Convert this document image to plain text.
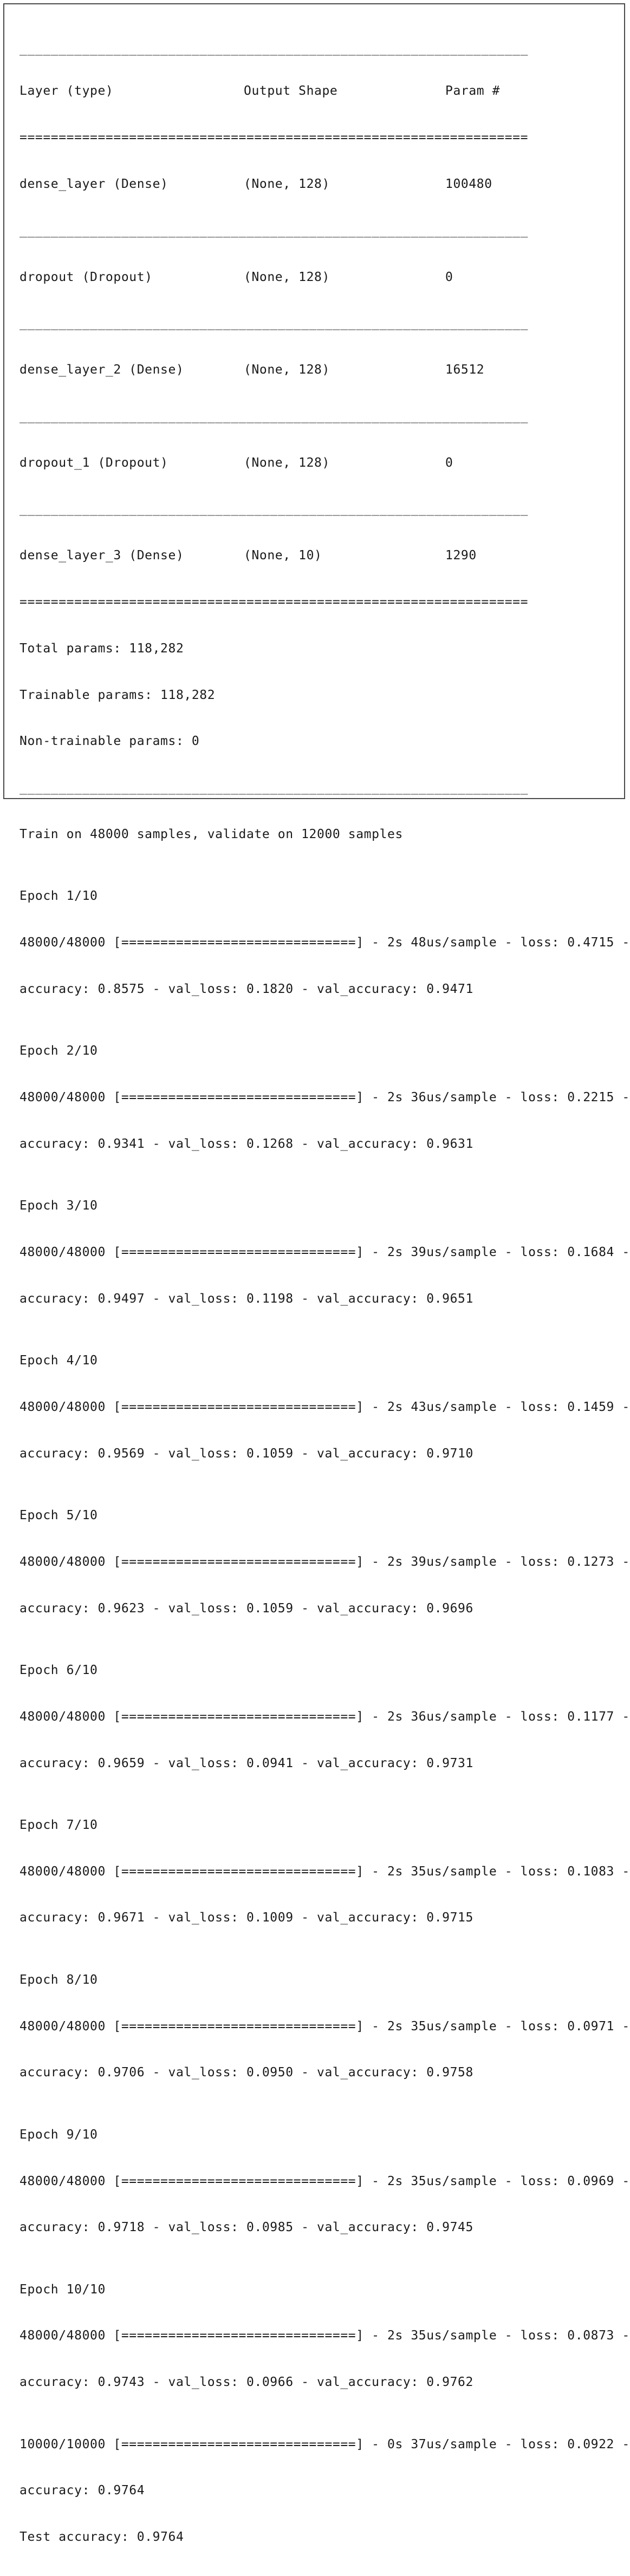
_________________________________________________________________

Layer (type)	Output Shape	Param #

=================================================================

dense_layer (Dense)	(None, 128)	100480

_________________________________________________________________

dropout (Dropout)	(None, 128)	0

_________________________________________________________________

dense_layer_2 (Dense)	(None, 128)	16512

_________________________________________________________________

dropout_1 (Dropout)	(None, 128)	0

_________________________________________________________________

dense_layer_3 (Dense)	(None, 10)	1290

=================================================================

Total params: 118,282

Trainable params: 118,282

Non-trainable params: 0

_________________________________________________________________

Train on 48000 samples, validate on 12000 samples

Epoch 1/10

48000/48000 [==============================] - 2s 48us/sample - loss: 0.4715 -

accuracy: 0.8575 - val_loss: 0.1820 - val_accuracy: 0.9471

Epoch 2/10

48000/48000 [==============================] - 2s 36us/sample - loss: 0.2215 -

accuracy: 0.9341 - val_loss: 0.1268 - val_accuracy: 0.9631

Epoch 3/10

48000/48000 [==============================] - 2s 39us/sample - loss: 0.1684 -

accuracy: 0.9497 - val_loss: 0.1198 - val_accuracy: 0.9651

Epoch 4/10

48000/48000 [==============================] - 2s 43us/sample - loss: 0.1459 -

accuracy: 0.9569 - val_loss: 0.1059 - val_accuracy: 0.9710

Epoch 5/10

48000/48000 [==============================] - 2s 39us/sample - loss: 0.1273 -

accuracy: 0.9623 - val_loss: 0.1059 - val_accuracy: 0.9696

Epoch 6/10

48000/48000 [==============================] - 2s 36us/sample - loss: 0.1177 -

accuracy: 0.9659 - val_loss: 0.0941 - val_accuracy: 0.9731

Epoch 7/10

48000/48000 [==============================] - 2s 35us/sample - loss: 0.1083 -

accuracy: 0.9671 - val_loss: 0.1009 - val_accuracy: 0.9715

Epoch 8/10

48000/48000 [==============================] - 2s 35us/sample - loss: 0.0971 -

accuracy: 0.9706 - val_loss: 0.0950 - val_accuracy: 0.9758

Epoch 9/10

48000/48000 [==============================] - 2s 35us/sample - loss: 0.0969 -

accuracy: 0.9718 - val_loss: 0.0985 - val_accuracy: 0.9745

Epoch 10/10

48000/48000 [==============================] - 2s 35us/sample - loss: 0.0873 -

accuracy: 0.9743 - val_loss: 0.0966 - val_accuracy: 0.9762

10000/10000 [==============================] - 0s 37us/sample - loss: 0.0922 -

accuracy: 0.9764

Test accuracy: 0.9764
